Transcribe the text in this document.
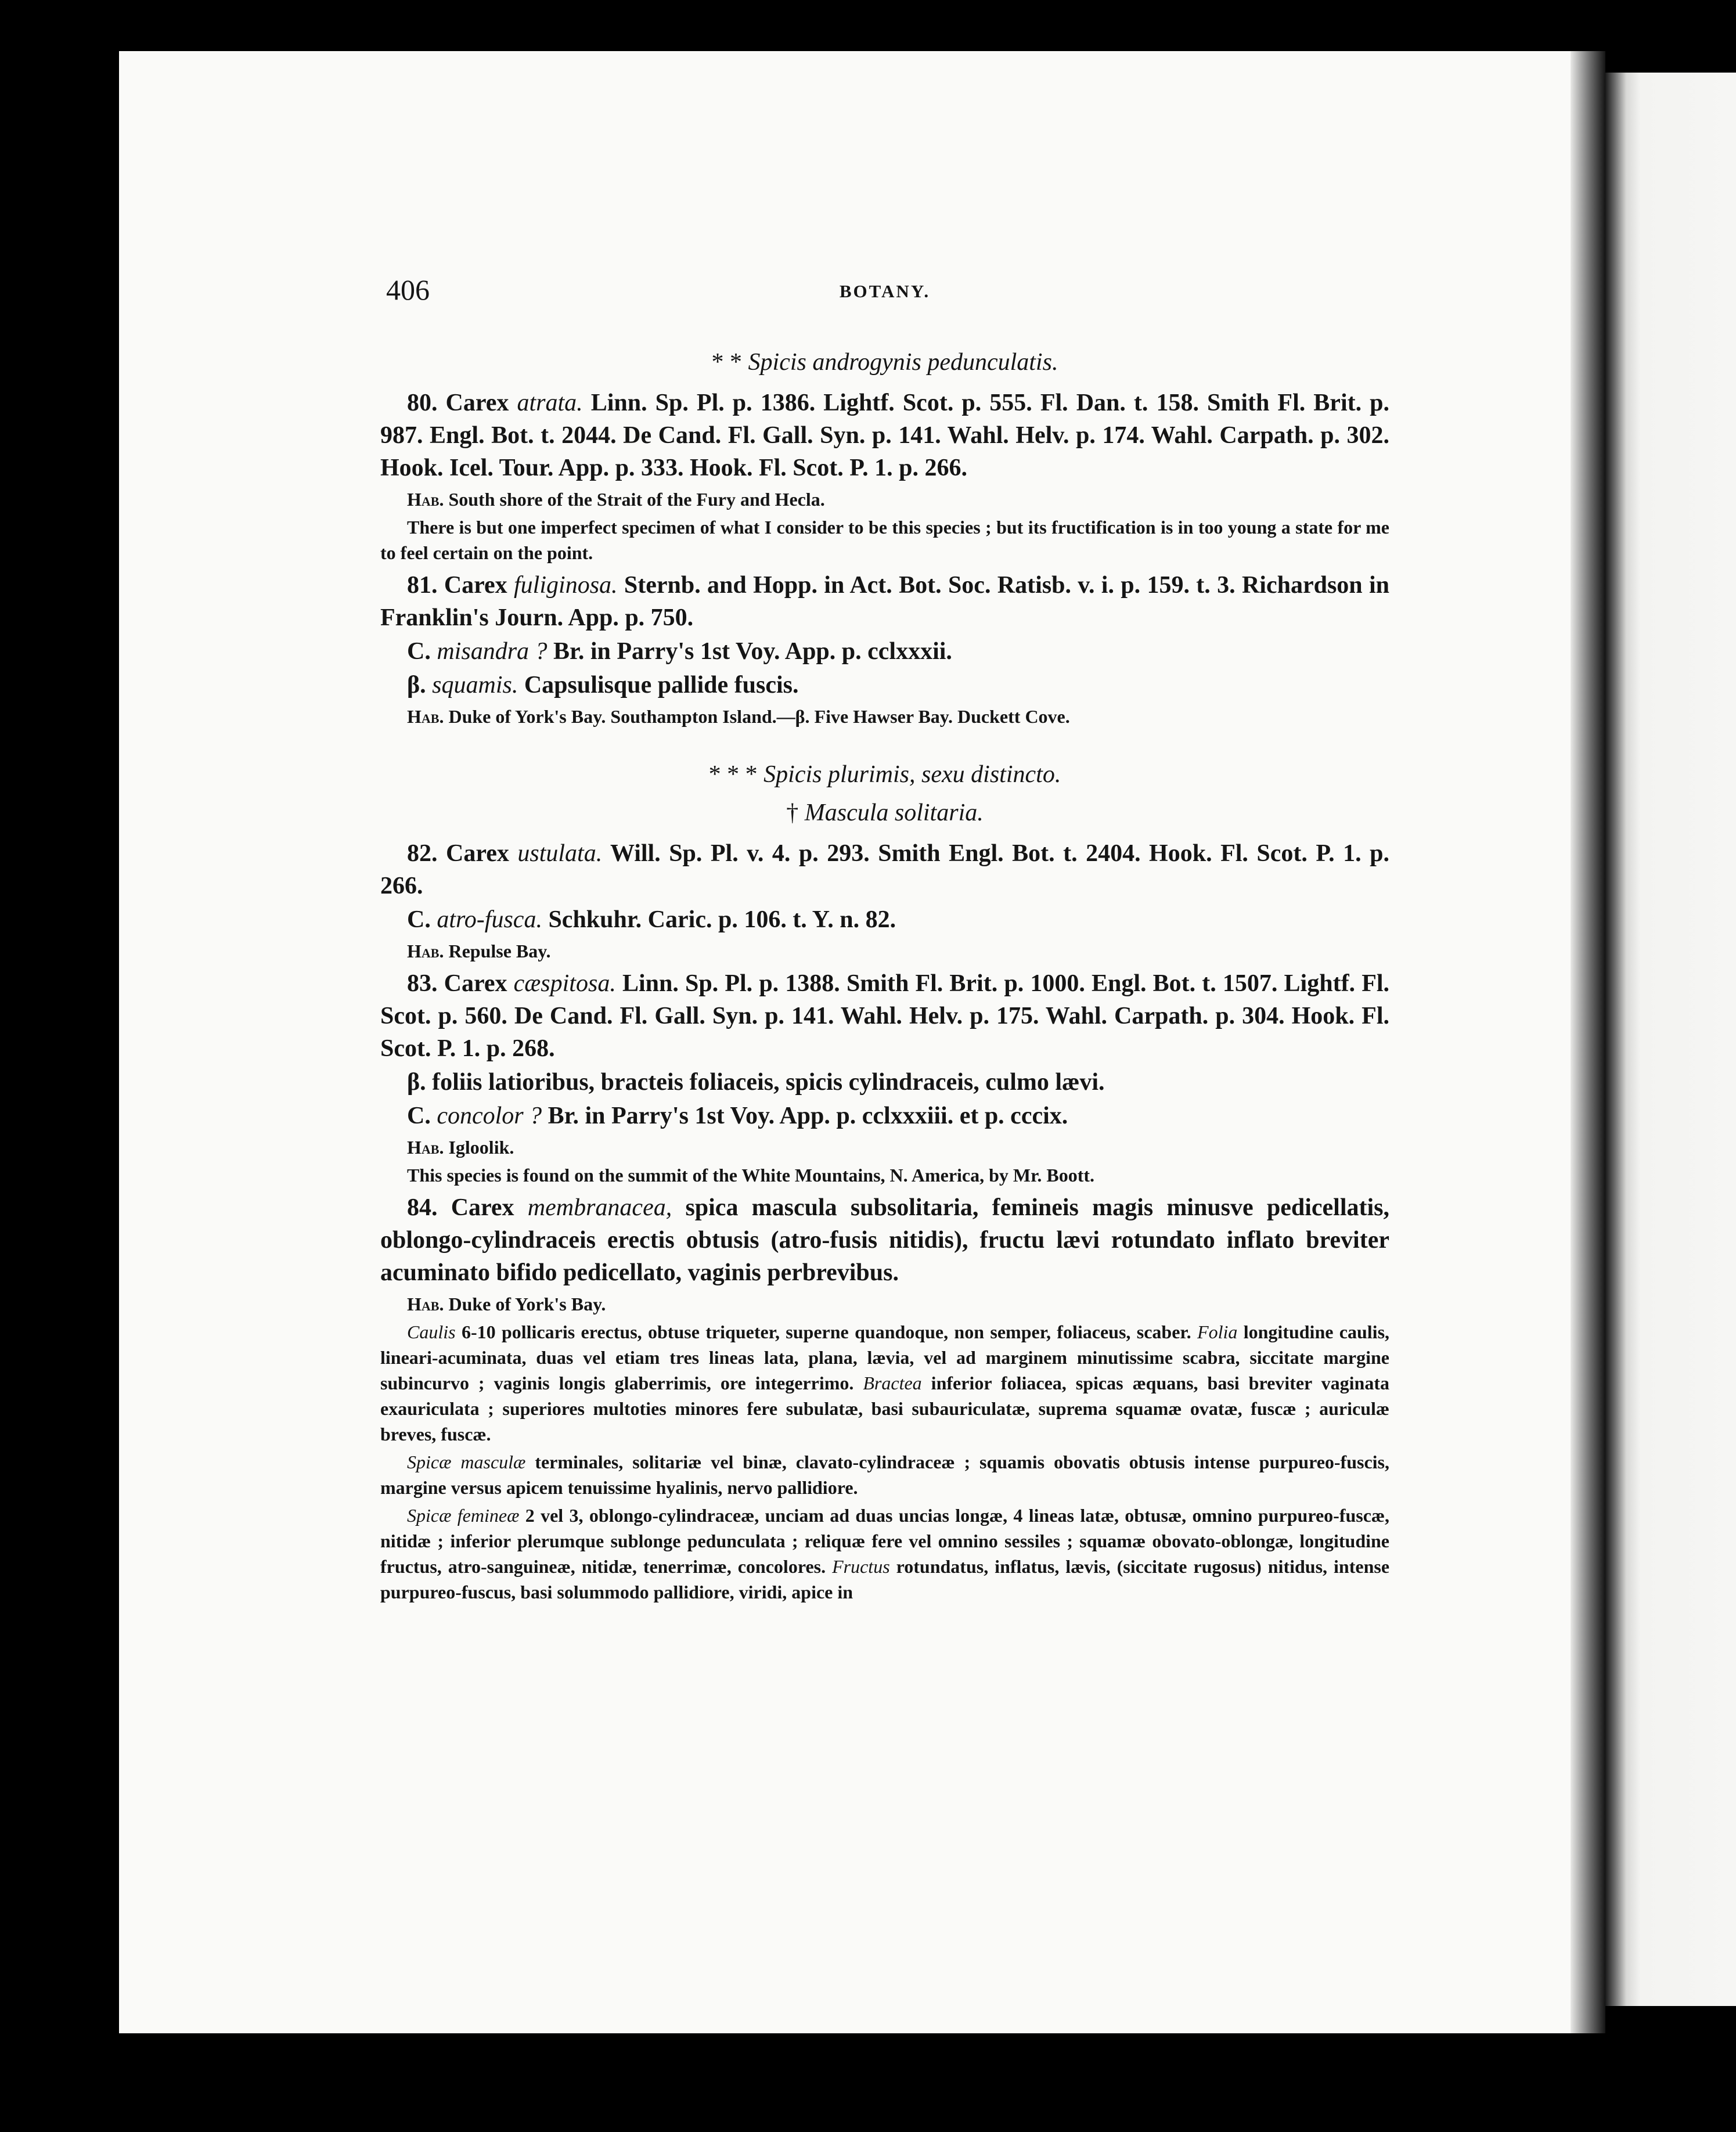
406	BOTANY.
* * Spicis androgynis pedunculatis.

80. Carex atrata. Linn. Sp. Pl. p. 1386. Lightf. Scot. p. 555. Fl. Dan. t. 158. Smith Fl. Brit. p. 987. Engl. Bot. t. 2044. De Cand. Fl. Gall. Syn. p. 141. Wahl. Helv. p. 174. Wahl. Carpath. p. 302. Hook. Icel. Tour. App. p. 333. Hook. Fl. Scot. P. 1. p. 266.

Hab. South shore of the Strait of the Fury and Hecla.

There is but one imperfect specimen of what I consider to be this species ; but its fructification is in too young a state for me to feel certain on the point.

81. Carex fuliginosa. Sternb. and Hopp. in Act. Bot. Soc. Ratisb. v. i. p. 159. t. 3. Richardson in Franklin's Journ. App. p. 750.

C. misandra ? Br. in Parry's 1st Voy. App. p. cclxxxii.

β. squamis. Capsulisque pallide fuscis.

Hab. Duke of York's Bay. Southampton Island.—β. Five Hawser Bay. Duckett Cove.

* * * Spicis plurimis, sexu distincto.
† Mascula solitaria.

82. Carex ustulata. Will. Sp. Pl. v. 4. p. 293. Smith Engl. Bot. t. 2404. Hook. Fl. Scot. P. 1. p. 266.

C. atro-fusca. Schkuhr. Caric. p. 106. t. Y. n. 82.

Hab. Repulse Bay.

83. Carex cæspitosa. Linn. Sp. Pl. p. 1388. Smith Fl. Brit. p. 1000. Engl. Bot. t. 1507. Lightf. Fl. Scot. p. 560. De Cand. Fl. Gall. Syn. p. 141. Wahl. Helv. p. 175. Wahl. Carpath. p. 304. Hook. Fl. Scot. P. 1. p. 268.

β. foliis latioribus, bracteis foliaceis, spicis cylindraceis, culmo lævi.

C. concolor ? Br. in Parry's 1st Voy. App. p. cclxxxiii. et p. cccix.

Hab. Igloolik.

This species is found on the summit of the White Mountains, N. America, by Mr. Boott.

84. Carex membranacea, spica mascula subsolitaria, femineis magis minusve pedicellatis, oblongo-cylindraceis erectis obtusis (atro-fusis nitidis), fructu lævi rotundato inflato breviter acuminato bifido pedicellato, vaginis perbrevibus.

Hab. Duke of York's Bay.

Caulis 6-10 pollicaris erectus, obtuse triqueter, superne quandoque, non semper, foliaceus, scaber. Folia longitudine caulis, lineari-acuminata, duas vel etiam tres lineas lata, plana, lævia, vel ad marginem minutissime scabra, siccitate margine subincurvo ; vaginis longis glaberrimis, ore integerrimo. Bractea inferior foliacea, spicas æquans, basi breviter vaginata exauriculata ; superiores multoties minores fere subulatæ, basi subauriculatæ, suprema squamæ ovatæ, fuscæ ; auriculæ breves, fuscæ.

Spicæ masculæ terminales, solitariæ vel binæ, clavato-cylindraceæ ; squamis obovatis obtusis intense purpureo-fuscis, margine versus apicem tenuissime hyalinis, nervo pallidiore.

Spicæ femineæ 2 vel 3, oblongo-cylindraceæ, unciam ad duas uncias longæ, 4 lineas latæ, obtusæ, omnino purpureo-fuscæ, nitidæ ; inferior plerumque sublonge pedunculata ; reliquæ fere vel omnino sessiles ; squamæ obovato-oblongæ, longitudine fructus, atro-sanguineæ, nitidæ, tenerrimæ, concolores. Fructus rotundatus, inflatus, lævis, (siccitate rugosus) nitidus, intense purpureo-fuscus, basi solummodo pallidiore, viridi, apice in
